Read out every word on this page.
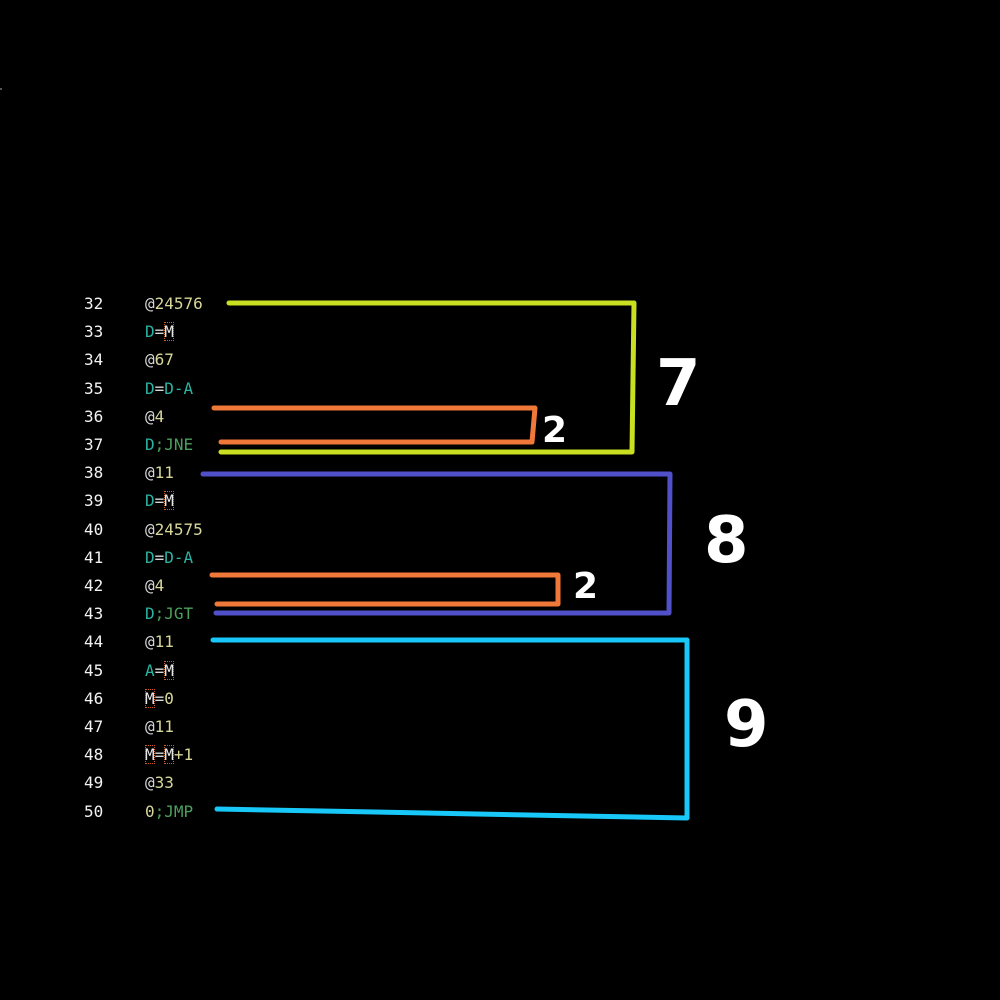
32	@24576
33	D=M
34	@67
35	D=D-A
36	@4
37	D;JNE
38	@11
39	D=M
40	@24575
41	D=D-A
42	@4
43	D;JGT
44	@11
45	A=M
46	M=0
47	@11
48	M=M+1
49	@33
50	0;JMP
7
2
8
2
9
